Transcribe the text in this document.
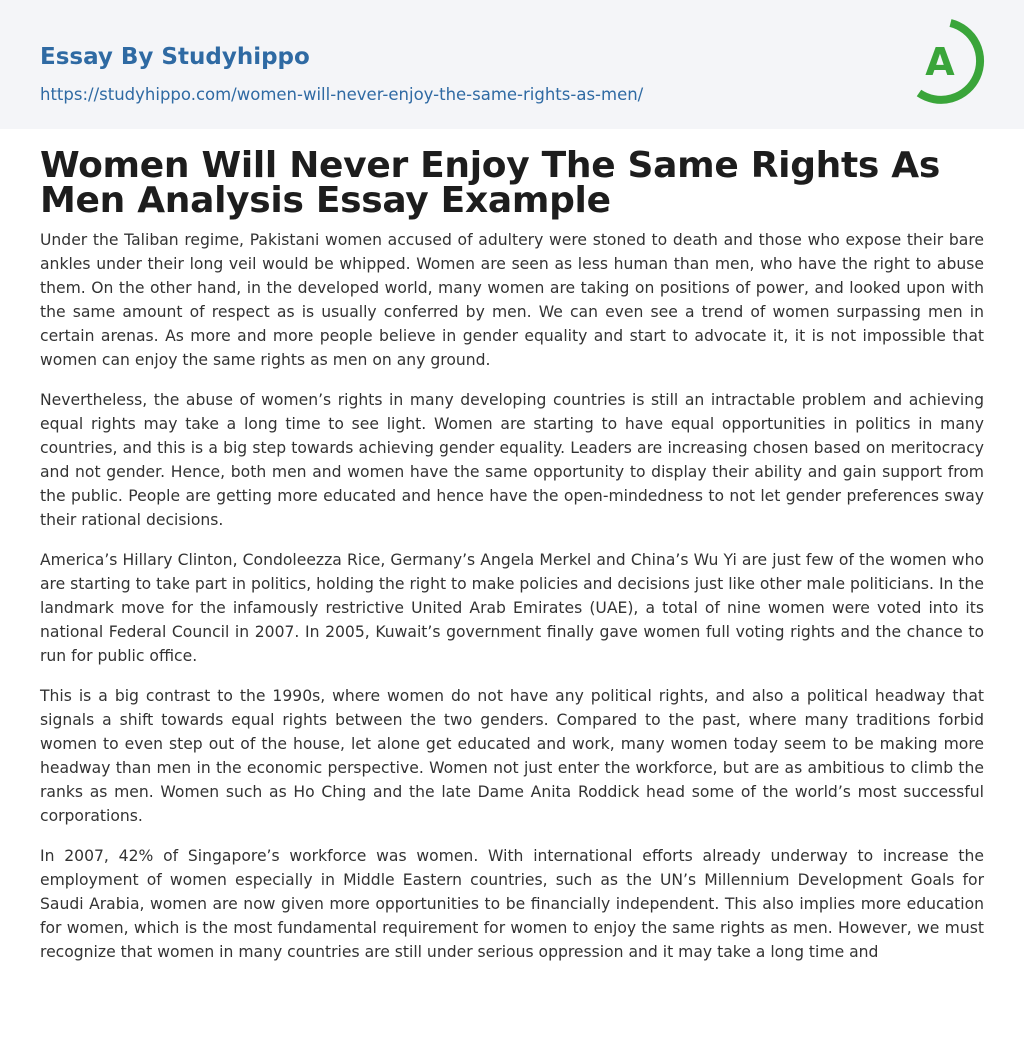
Essay By Studyhippo
https://studyhippo.com/women-will-never-enjoy-the-same-rights-as-men/
A
Women Will Never Enjoy The Same Rights As Men Analysis Essay Example

Under the Taliban regime, Pakistani women accused of adultery were stoned to death and those who expose their bare ankles under their long veil would be whipped. Women are seen as less human than men, who have the right to abuse them. On the other hand, in the developed world, many women are taking on positions of power, and looked upon with the same amount of respect as is usually conferred by men. We can even see a trend of women surpassing men in certain arenas. As more and more people believe in gender equality and start to advocate it, it is not impossible that women can enjoy the same rights as men on any ground.

Nevertheless, the abuse of women’s rights in many developing countries is still an intractable problem and achieving equal rights may take a long time to see light. Women are starting to have equal opportunities in politics in many countries, and this is a big step towards achieving gender equality. Leaders are increasing chosen based on meritocracy and not gender. Hence, both men and women have the same opportunity to display their ability and gain support from the public. People are getting more educated and hence have the open-mindedness to not let gender preferences sway their rational decisions.

America’s Hillary Clinton, Condoleezza Rice, Germany’s Angela Merkel and China’s Wu Yi are just few of the women who are starting to take part in politics, holding the right to make policies and decisions just like other male politicians. In the landmark move for the infamously restrictive United Arab Emirates (UAE), a total of nine women were voted into its national Federal Council in 2007. In 2005, Kuwait’s government finally gave women full voting rights and the chance to run for public office.

This is a big contrast to the 1990s, where women do not have any political rights, and also a political headway that signals a shift towards equal rights between the two genders. Compared to the past, where many traditions forbid women to even step out of the house, let alone get educated and work, many women today seem to be making more headway than men in the economic perspective. Women not just enter the workforce, but are as ambitious to climb the ranks as men. Women such as Ho Ching and the late Dame Anita Roddick head some of the world’s most successful corporations.

In 2007, 42% of Singapore’s workforce was women. With international efforts already underway to increase the employment of women especially in Middle Eastern countries, such as the UN’s Millennium Development Goals for Saudi Arabia, women are now given more opportunities to be financially independent. This also implies more education for women, which is the most fundamental requirement for women to enjoy the same rights as men. However, we must recognize that women in many countries are still under serious oppression and it may take a long time and
